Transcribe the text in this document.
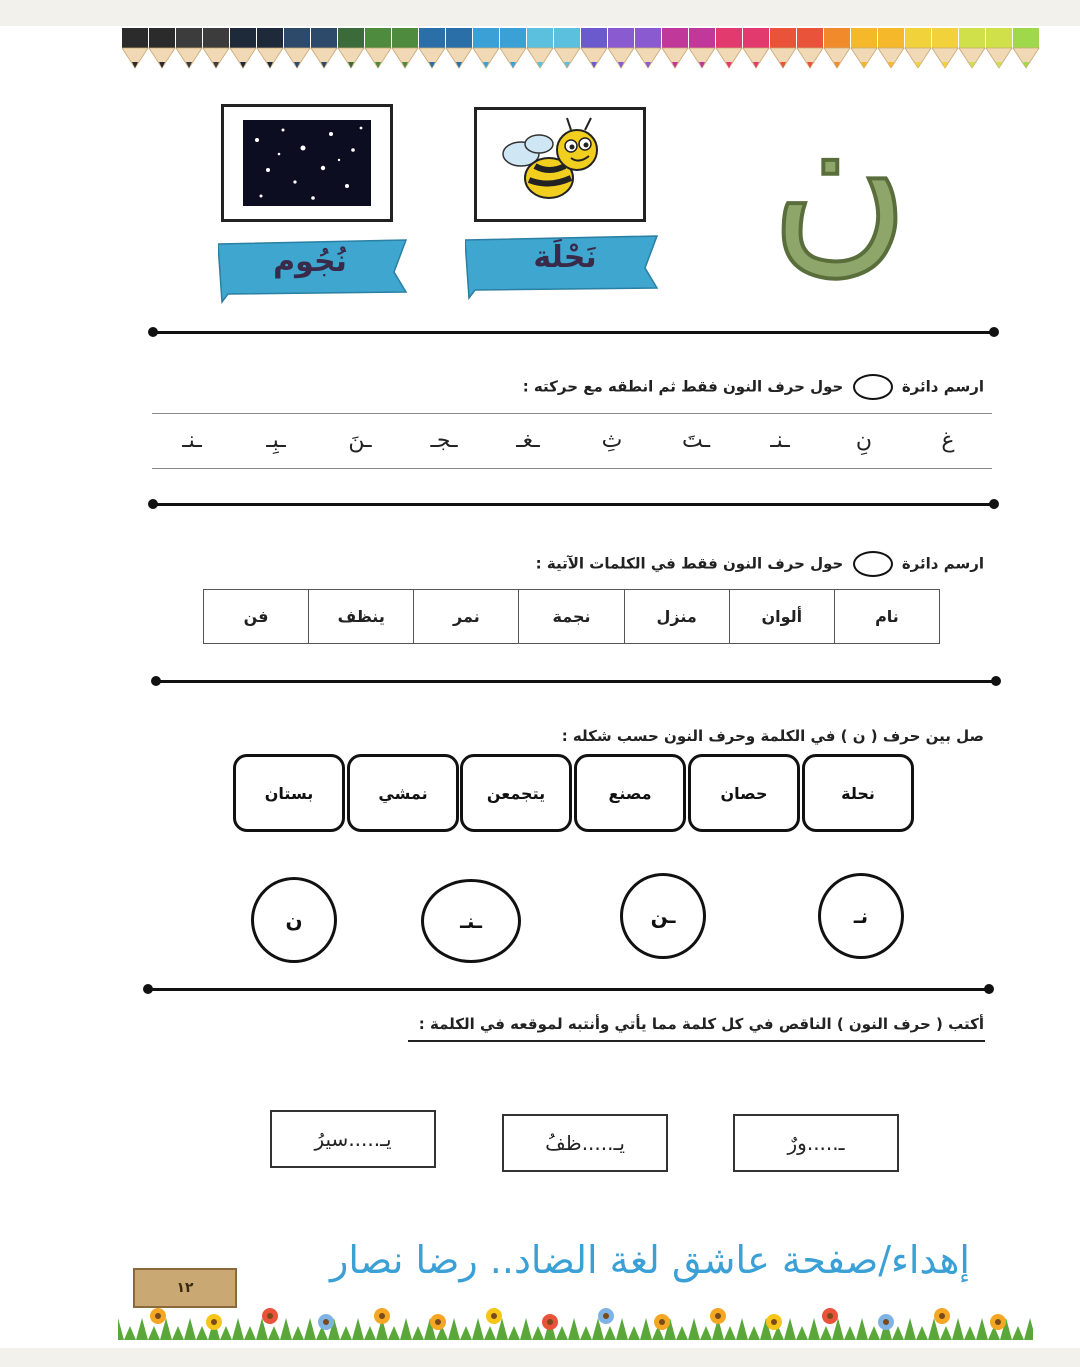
نُجُوم	نَحْلَة ن
ارسم دائرة  حول حرف النون فقط ثم انطقه مع حركته :
غ
نِ
ـنـ
ـتَ
ثِ
ـغـ
ـجـ
ـنَ
ـبِـ
ـنـ
ارسم دائرة  حول حرف النون فقط في الكلمات الآتية :
نام
ألوان
منزل
نجمة
نمر
ينظف
فن
صل بين حرف ( ن ) في الكلمة وحرف النون حسب شكله :
نحلة
حصان
مصنع
يتجمعن
نمشي
بستان
نـ
ـن
ـنـ
ن
أكتب ( حرف النون ) الناقص في كل كلمة مما يأتي وأنتبه لموقعه في الكلمة :
ـ.....ورٌ
يـ.....ظفُ
يـ.....سيرُ
إهداء/صفحة عاشق لغة الضاد.. رضا نصار
١٢
